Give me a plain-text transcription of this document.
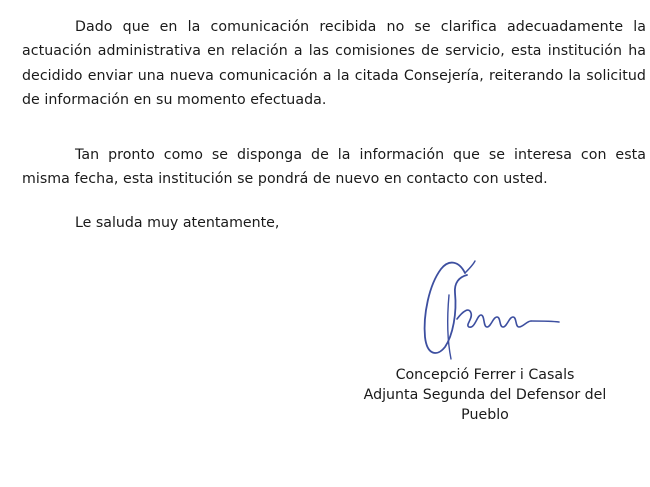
Dado que en la comunicación recibida no se clarifica adecuadamente la actuación administrativa en relación a las comisiones de servicio, esta institución ha decidido enviar una nueva comunicación a la citada Consejería, reiterando la solicitud de información en su momento efectuada.

Tan pronto como se disponga de la información que se interesa con esta misma fecha, esta institución se pondrá de nuevo en contacto con usted.

Le saluda muy atentamente,

Concepció Ferrer i Casals

Adjunta Segunda del Defensor del Pueblo
